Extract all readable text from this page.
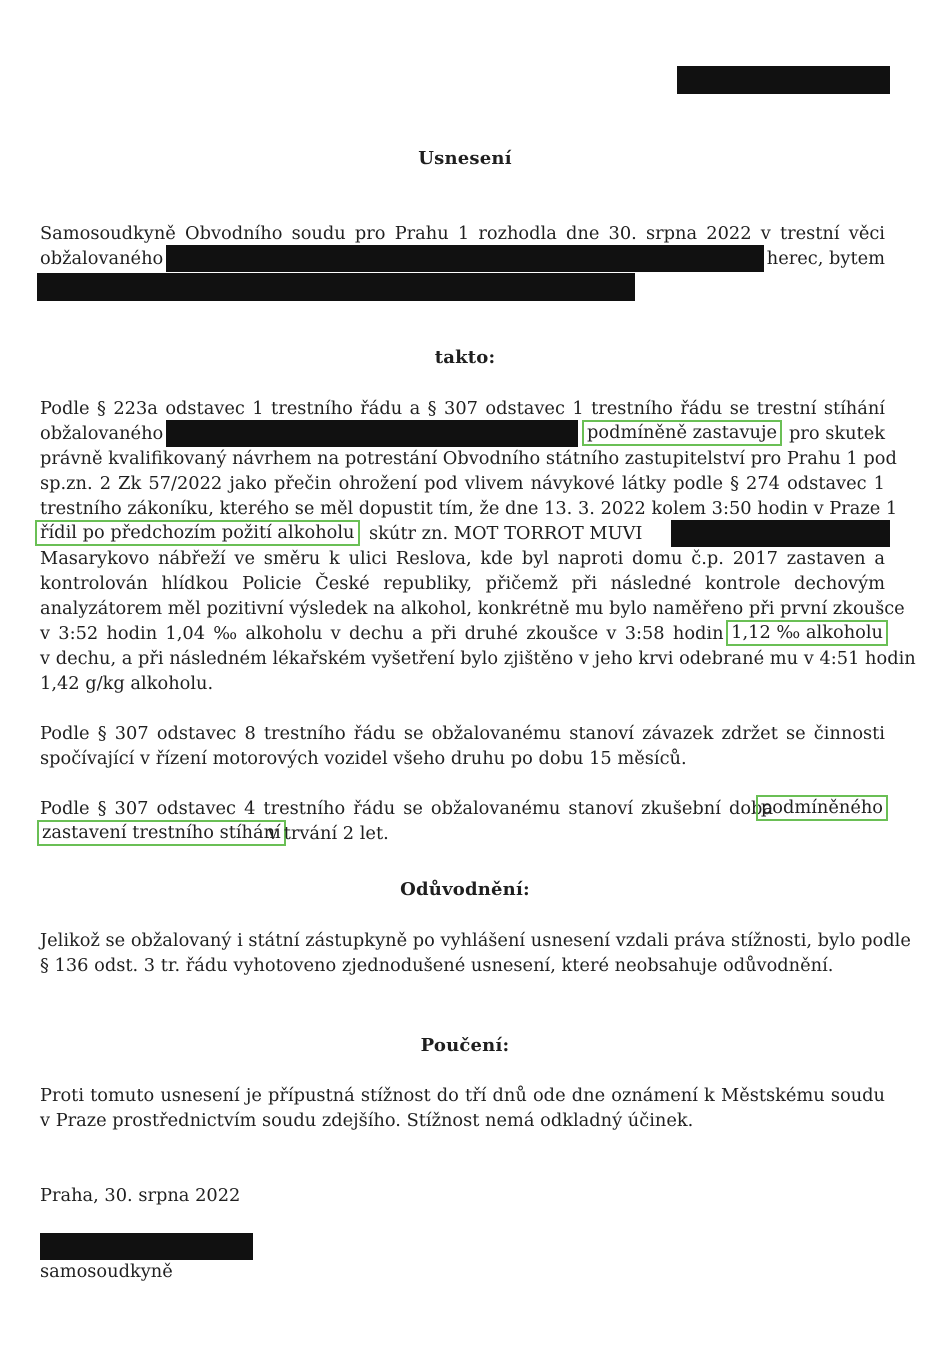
Usnesení
Samosoudkyně Obvodního soudu pro Prahu 1 rozhodla dne 30. srpna 2022 v trestní věci
obžalovaného	herec, bytem
takto:
Podle § 223a odstavec 1 trestního řádu a § 307 odstavec 1 trestního řádu se trestní stíhání
obžalovaného	podmíněně zastavuje pro skutek
právně kvalifikovaný návrhem na potrestání Obvodního státního zastupitelství pro Prahu 1 pod
sp.zn. 2 Zk 57/2022 jako přečin ohrožení pod vlivem návykové látky podle § 274 odstavec 1
trestního zákoníku, kterého se měl dopustit tím, že dne 13. 3. 2022 kolem 3:50 hodin v Praze 1
řídil po předchozím požití alkoholu skútr zn. MOT TORROT MUVI
Masarykovo nábřeží ve směru k ulici Reslova, kde byl naproti domu č.p. 2017 zastaven a
kontrolován hlídkou Policie České republiky, přičemž při následné kontrole dechovým
analyzátorem měl pozitivní výsledek na alkohol, konkrétně mu bylo naměřeno při první zkoušce
v 3:52 hodin 1,04 ‰ alkoholu v dechu a při druhé zkoušce v 3:58 hodin 1,12 ‰ alkoholu
v dechu, a při následném lékařském vyšetření bylo zjištěno v jeho krvi odebrané mu v 4:51 hodin
1,42 g/kg alkoholu.
Podle § 307 odstavec 8 trestního řádu se obžalovanému stanoví závazek zdržet se činnosti
spočívající v řízení motorových vozidel všeho druhu po dobu 15 měsíců.
Podle § 307 odstavec 4 trestního řádu se obžalovanému stanoví zkušební doba
podmíněného
zastavení trestního stíhání
v trvání 2 let.
Odůvodnění:
Jelikož se obžalovaný i státní zástupkyně po vyhlášení usnesení vzdali práva stížnosti, bylo podle
§ 136 odst. 3 tr. řádu vyhotoveno zjednodušené usnesení, které neobsahuje odůvodnění.
Poučení:
Proti tomuto usnesení je přípustná stížnost do tří dnů ode dne oznámení k Městskému soudu
v Praze prostřednictvím soudu zdejšího. Stížnost nemá odkladný účinek.
Praha, 30. srpna 2022
samosoudkyně
